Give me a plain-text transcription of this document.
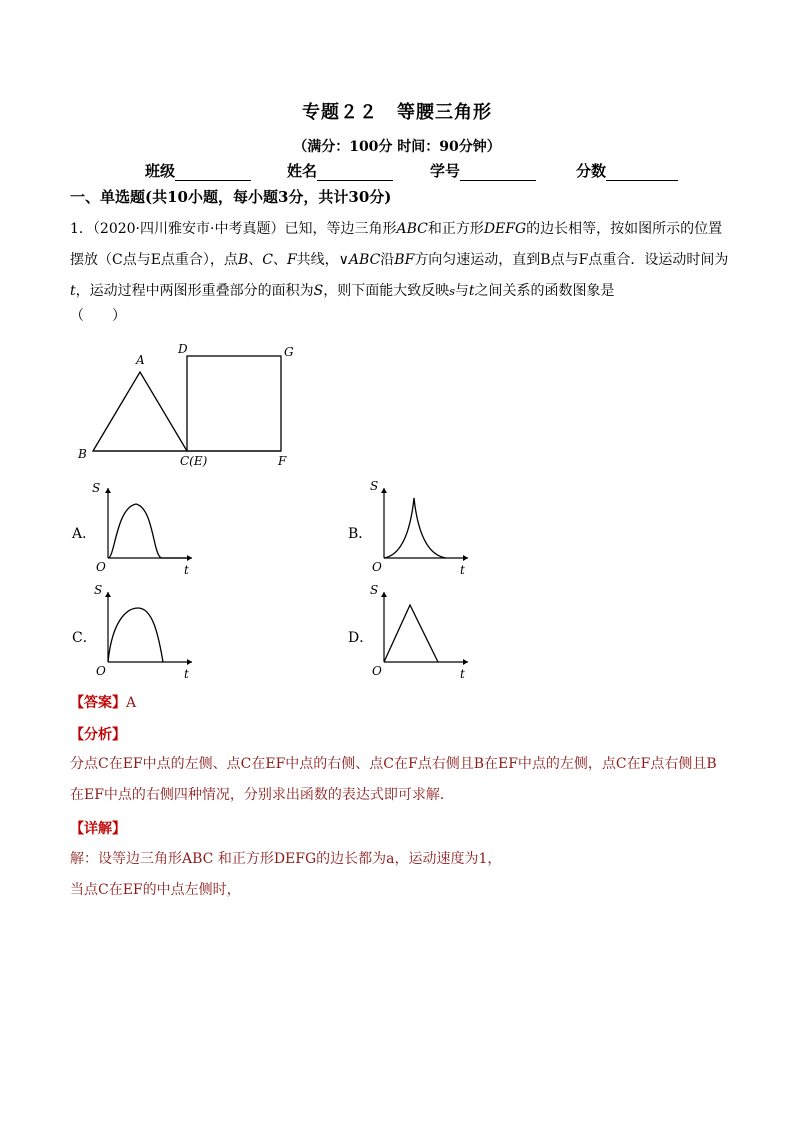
专题２２　等腰三角形
（满分：100分 时间：90分钟）
班级	姓名	学号	分数
一、单选题(共10小题，每小题3分，共计30分)
1．（2020·四川雅安市·中考真题）已知，等边三角形ABC和正方形DEFG的边长相等，按如图所示的位置摆放（C点与E点重合），点B、C、F共线，∨ABC沿BF方向匀速运动，直到B点与F点重合．设运动时间为t，运动过程中两图形重叠部分的面积为S，则下面能大致反映s与t之间关系的函数图象是
（　　）
A
B	C(E)
D
F
G
A．
S
t
O
B．
S
t
O
C．
S
t
O
D．
S
t
O
【答案】A
【分析】
分点C在EF中点的左侧、点C在EF中点的右侧、点C在F点右侧且B在EF中点的左侧，点C在F点右侧且B在EF中点的右侧四种情况，分别求出函数的表达式即可求解．
【详解】
解：设等边三角形ABC 和正方形DEFG的边长都为a，运动速度为1，
当点C在EF的中点左侧时，
